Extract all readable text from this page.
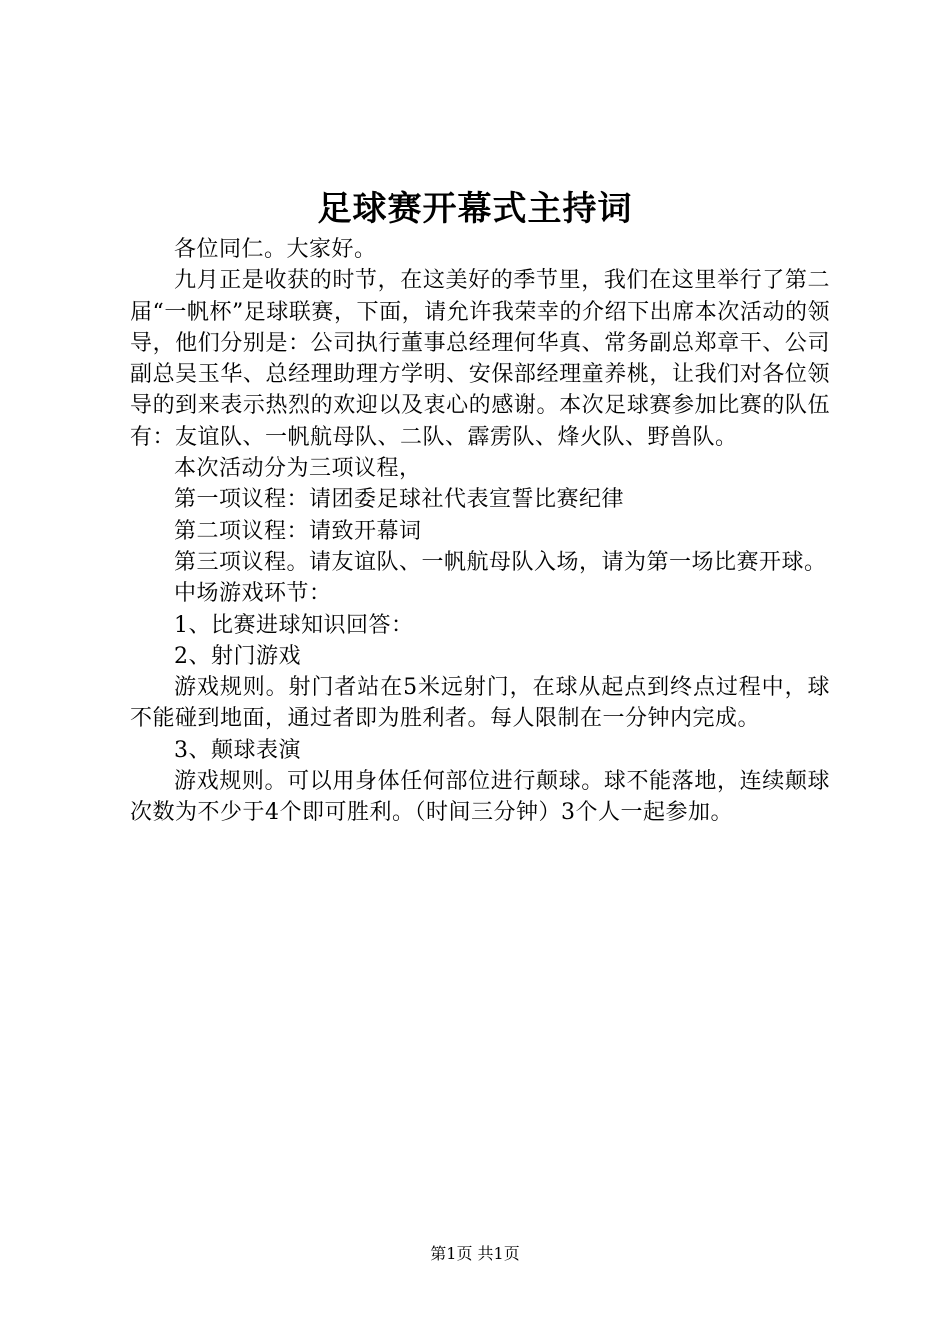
足球赛开幕式主持词

各位同仁。大家好。

九月正是收获的时节，在这美好的季节里，我们在这里举行了第二届“一帆杯”足球联赛，下面，请允许我荣幸的介绍下出席本次活动的领导，他们分别是：公司执行董事总经理何华真、常务副总郑章干、公司副总吴玉华、总经理助理方学明、安保部经理童养桃，让我们对各位领导的到来表示热烈的欢迎以及衷心的感谢。本次足球赛参加比赛的队伍有：友谊队、一帆航母队、二队、霹雳队、烽火队、野兽队。

本次活动分为三项议程，

第一项议程：请团委足球社代表宣誓比赛纪律

第二项议程：请致开幕词

第三项议程。请友谊队、一帆航母队入场，请为第一场比赛开球。

中场游戏环节：

1、比赛进球知识回答：

2、射门游戏

游戏规则。射门者站在5米远射门，在球从起点到终点过程中，球不能碰到地面，通过者即为胜利者。每人限制在一分钟内完成。

3、颠球表演

游戏规则。可以用身体任何部位进行颠球。球不能落地，连续颠球次数为不少于4个即可胜利。（时间三分钟）3个人一起参加。

第1页 共1页
